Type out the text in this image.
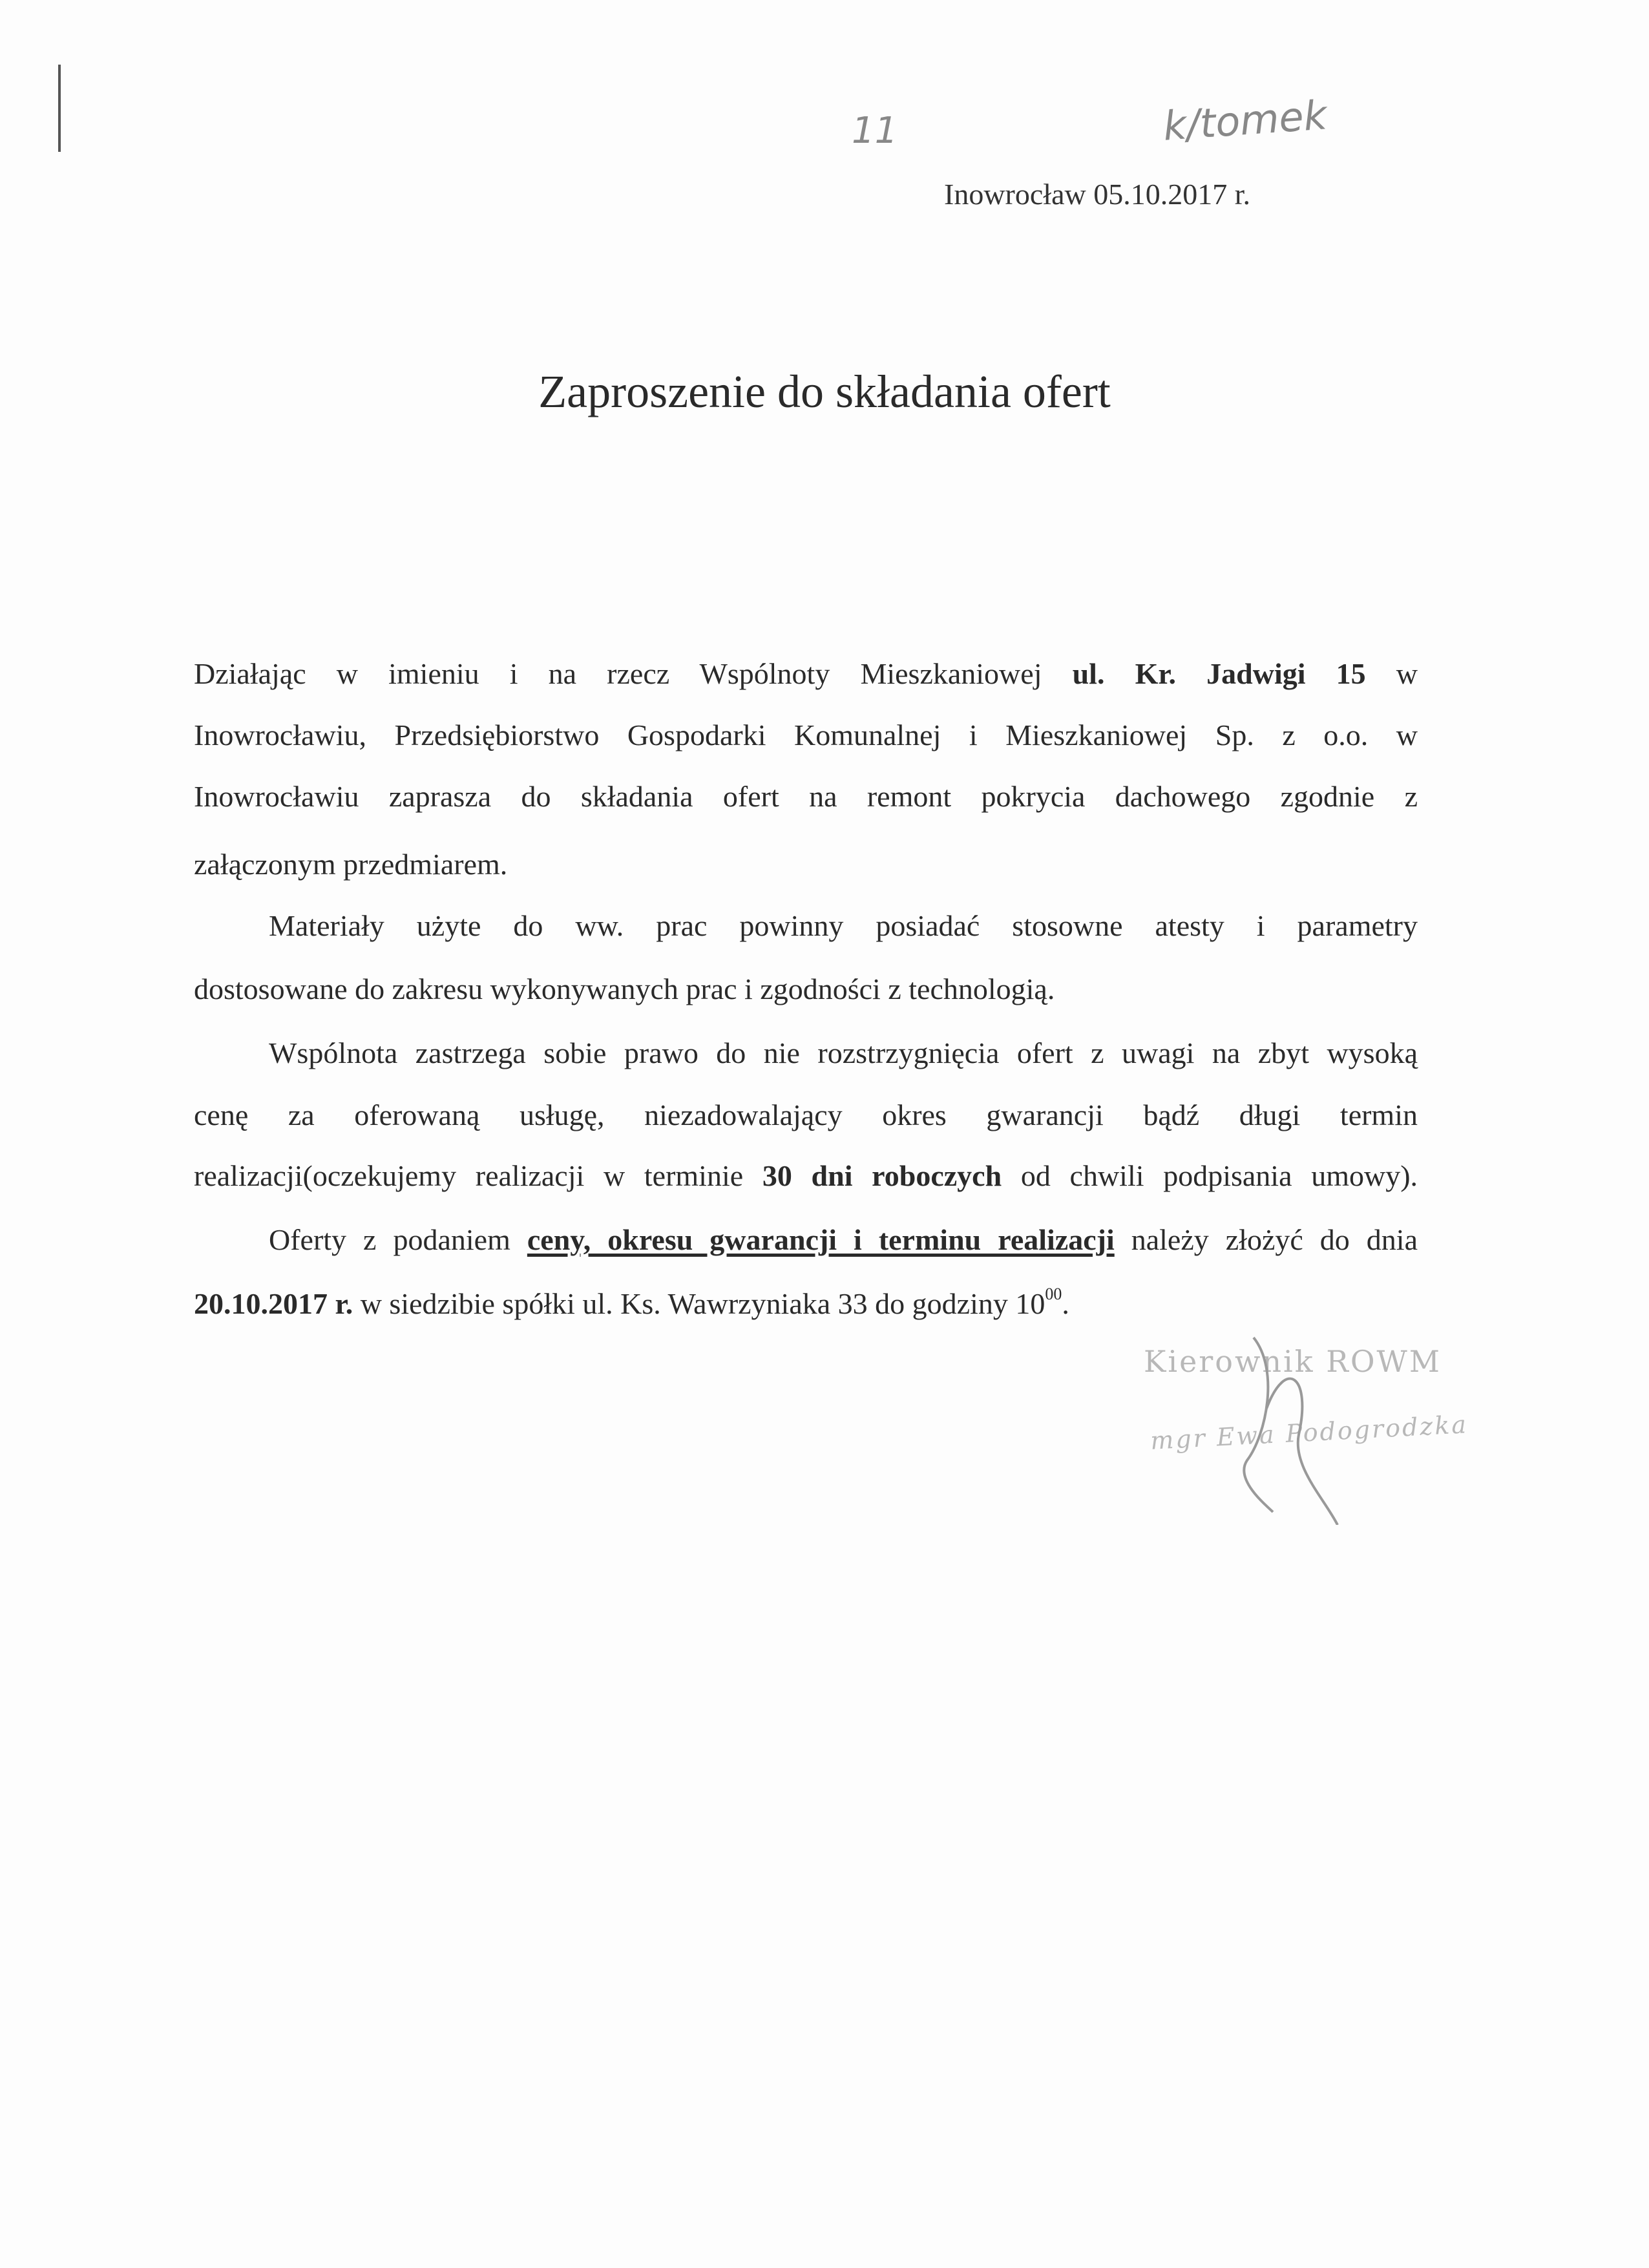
11	k/tomek
Inowrocław 05.10.2017 r.
Zaproszenie do składania ofert
Działając w imieniu i na rzecz Wspólnoty Mieszkaniowej ul. Kr. Jadwigi 15 w
Inowrocławiu, Przedsiębiorstwo Gospodarki Komunalnej i Mieszkaniowej Sp. z o.o. w
Inowrocławiu zaprasza do składania ofert na remont pokrycia dachowego zgodnie z
załączonym przedmiarem.
Materiały użyte do ww. prac powinny posiadać stosowne atesty i parametry
dostosowane do zakresu wykonywanych prac i zgodności z technologią.
Wspólnota zastrzega sobie prawo do nie rozstrzygnięcia ofert z uwagi na zbyt wysoką
cenę za oferowaną usługę, niezadowalający okres gwarancji bądź długi termin
realizacji(oczekujemy realizacji w terminie 30 dni roboczych od chwili podpisania umowy).
Oferty z podaniem ceny, okresu gwarancji i terminu realizacji należy złożyć do dnia
20.10.2017 r. w siedzibie spółki ul. Ks. Wawrzyniaka 33 do godziny $10^{00}$.
Kierownik ROWM
mgr Ewa Podogrodzka
